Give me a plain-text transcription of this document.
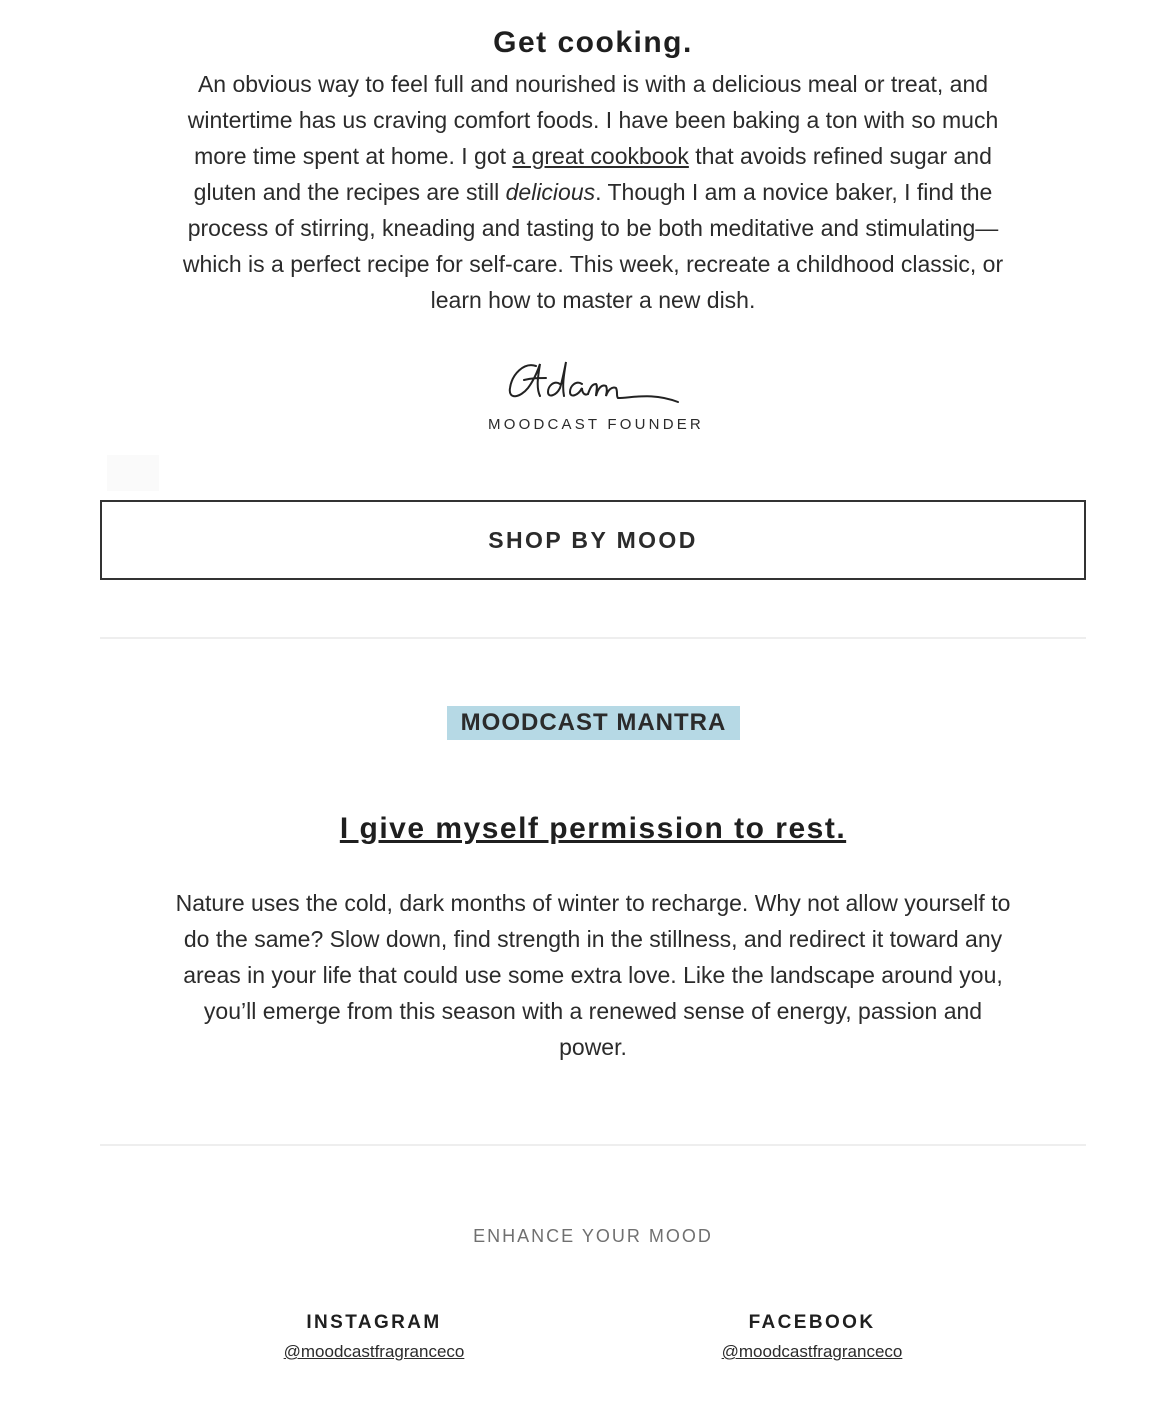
Get cooking.

An obvious way to feel full and nourished is with a delicious meal or treat, and wintertime has us craving comfort foods. I have been baking a ton with so much more time spent at home. I got a great cookbook that avoids refined sugar and gluten and the recipes are still delicious. Though I am a novice baker, I find the process of stirring, kneading and tasting to be both meditative and stimulating—which is a perfect recipe for self-care. This week, recreate a childhood classic, or learn how to master a new dish.

MOODCAST FOUNDER
SHOP BY MOOD
MOODCAST MANTRA
I give myself permission to rest.

Nature uses the cold, dark months of winter to recharge. Why not allow yourself to do the same? Slow down, find strength in the stillness, and redirect it toward any areas in your life that could use some extra love. Like the landscape around you, you’ll emerge from this season with a renewed sense of energy, passion and power.

ENHANCE YOUR MOOD
INSTAGRAM
@moodcastfragranceco
FACEBOOK
@moodcastfragranceco
